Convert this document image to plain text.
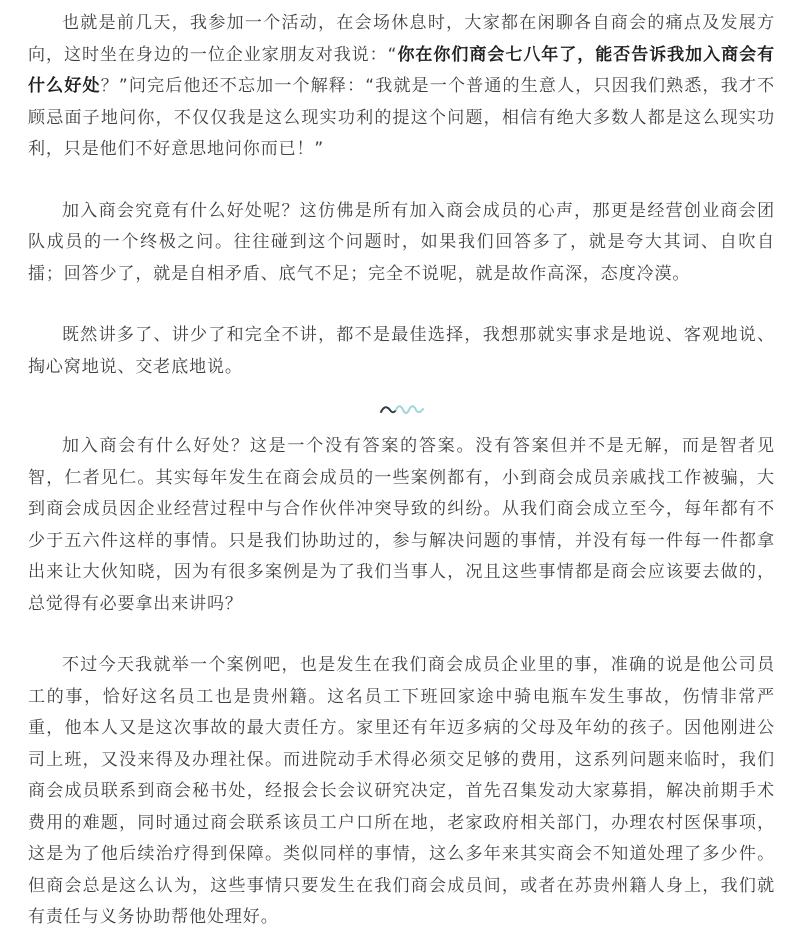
也就是前几天，我参加一个活动，在会场休息时，大家都在闲聊各自商会的痛点及发展方向，这时坐在身边的一位企业家朋友对我说：“你在你们商会七八年了，能否告诉我加入商会有什么好处？”问完后他还不忘加一个解释：“我就是一个普通的生意人，只因我们熟悉，我才不顾忌面子地问你，不仅仅我是这么现实功利的提这个问题，相信有绝大多数人都是这么现实功利，只是他们不好意思地问你而已！”

加入商会究竟有什么好处呢？这仿佛是所有加入商会成员的心声，那更是经营创业商会团队成员的一个终极之问。往往碰到这个问题时，如果我们回答多了，就是夸大其词、自吹自擂；回答少了，就是自相矛盾、底气不足；完全不说呢，就是故作高深，态度冷漠。

既然讲多了、讲少了和完全不讲，都不是最佳选择，我想那就实事求是地说、客观地说、掏心窝地说、交老底地说。

加入商会有什么好处？这是一个没有答案的答案。没有答案但并不是无解，而是智者见智，仁者见仁。其实每年发生在商会成员的一些案例都有，小到商会成员亲戚找工作被骗，大到商会成员因企业经营过程中与合作伙伴冲突导致的纠纷。从我们商会成立至今，每年都有不少于五六件这样的事情。只是我们协助过的，参与解决问题的事情，并没有每一件每一件都拿出来让大伙知晓，因为有很多案例是为了我们当事人，况且这些事情都是商会应该要去做的，总觉得有必要拿出来讲吗？

不过今天我就举一个案例吧，也是发生在我们商会成员企业里的事，准确的说是他公司员工的事，恰好这名员工也是贵州籍。这名员工下班回家途中骑电瓶车发生事故，伤情非常严重，他本人又是这次事故的最大责任方。家里还有年迈多病的父母及年幼的孩子。因他刚进公司上班，又没来得及办理社保。而进院动手术得必须交足够的费用，这系列问题来临时，我们商会成员联系到商会秘书处，经报会长会议研究决定，首先召集发动大家募捐，解决前期手术费用的难题，同时通过商会联系该员工户口所在地，老家政府相关部门，办理农村医保事项，这是为了他后续治疗得到保障。类似同样的事情，这么多年来其实商会不知道处理了多少件。但商会总是这么认为，这些事情只要发生在我们商会成员间，或者在苏贵州籍人身上，我们就有责任与义务协助帮他处理好。
